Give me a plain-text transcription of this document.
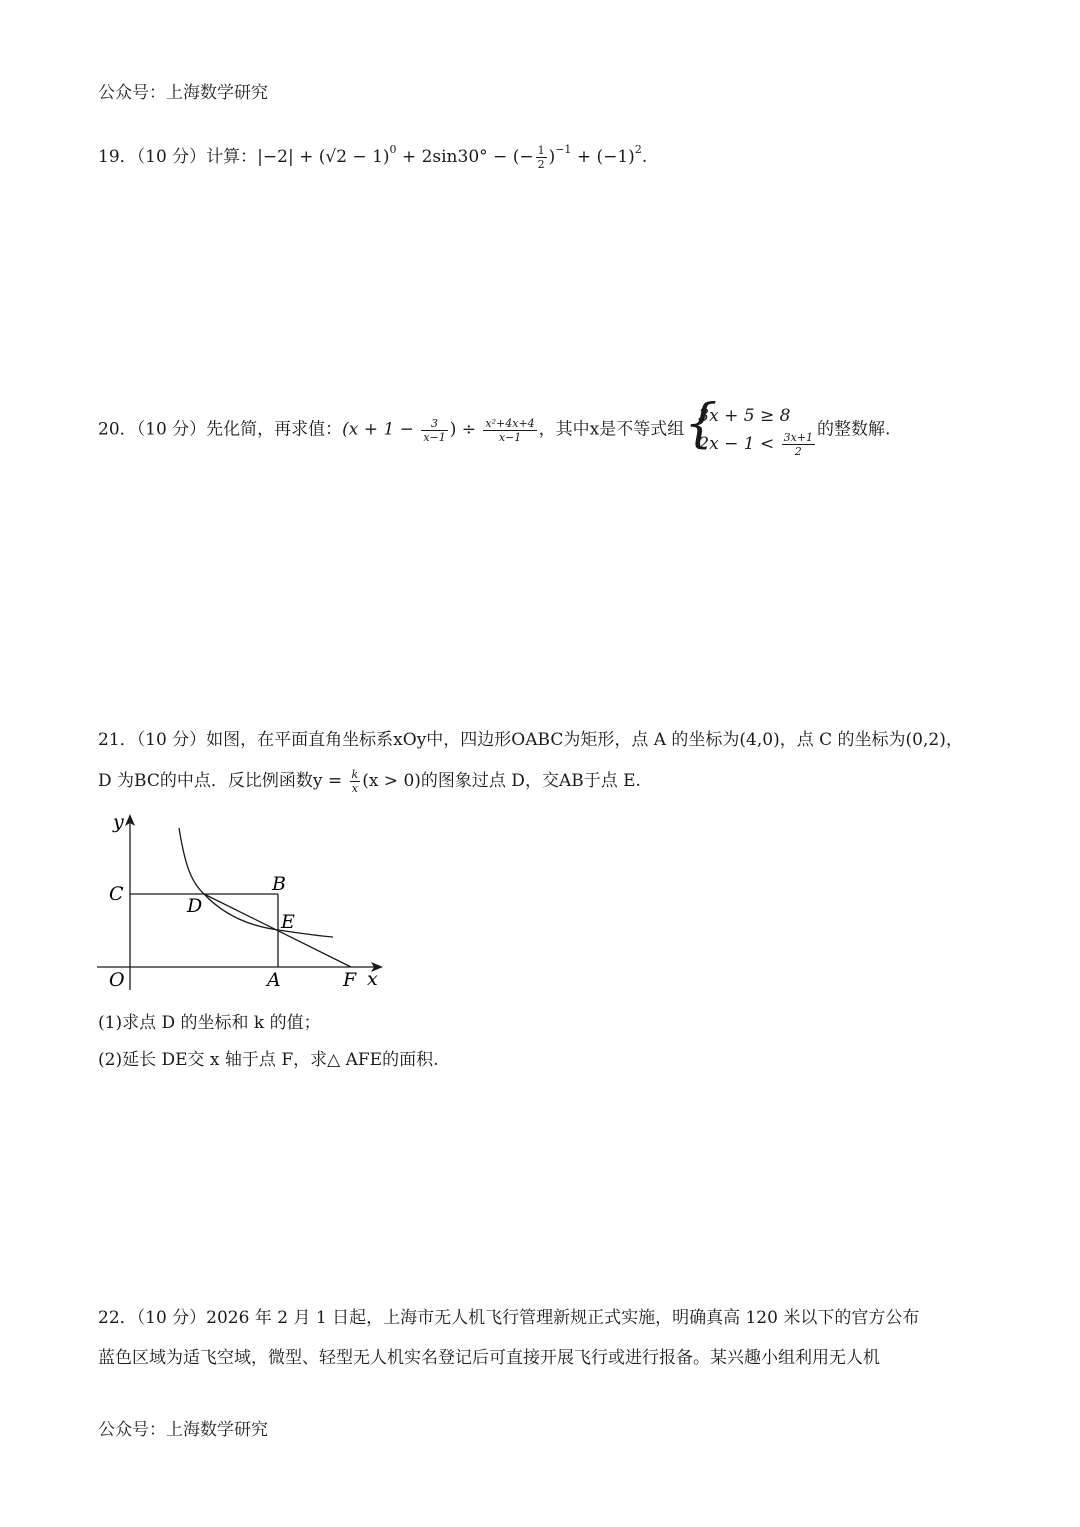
公众号：上海数学研究
19．（10 分）计算：$|-2| + (√2 - 1)^0 + 2\sin 30^\circ$ − (− $\frac{1}{2} )^{-1} + (-1)^2$.
20．（10 分）先化简，再求值：($x + 1 - \frac{3}{x-1}$ ) ÷ $\frac{\text{x²+4x+4}}{x-1}$ ，其中x是不等式组 {
3x + 5 ≥ 8
$2x - 1 < \frac{3x+1}{2}$
的整数解.
21．（10 分）如图，在平面直角坐标系xOy中，四边形OABC为矩形，点 A 的坐标为(4,0)，点 C 的坐标为(0,2)，
D 为BC的中点．反比例函数$y = \frac{k}{x} (x > 0)$的图象过点 D，交AB于点 E.
y
x
O
C	B
D
E
A	F
(1)求点 D 的坐标和 k 的值；
(2)延长 DE交 x 轴于点 F，求△ AFE的面积.
22．（10 分）2026 年 2 月 1 日起，上海市无人机飞行管理新规正式实施，明确真高 120 米以下的官方公布
蓝色区域为适飞空域，微型、轻型无人机实名登记后可直接开展飞行或进行报备。某兴趣小组利用无人机
公众号：上海数学研究
